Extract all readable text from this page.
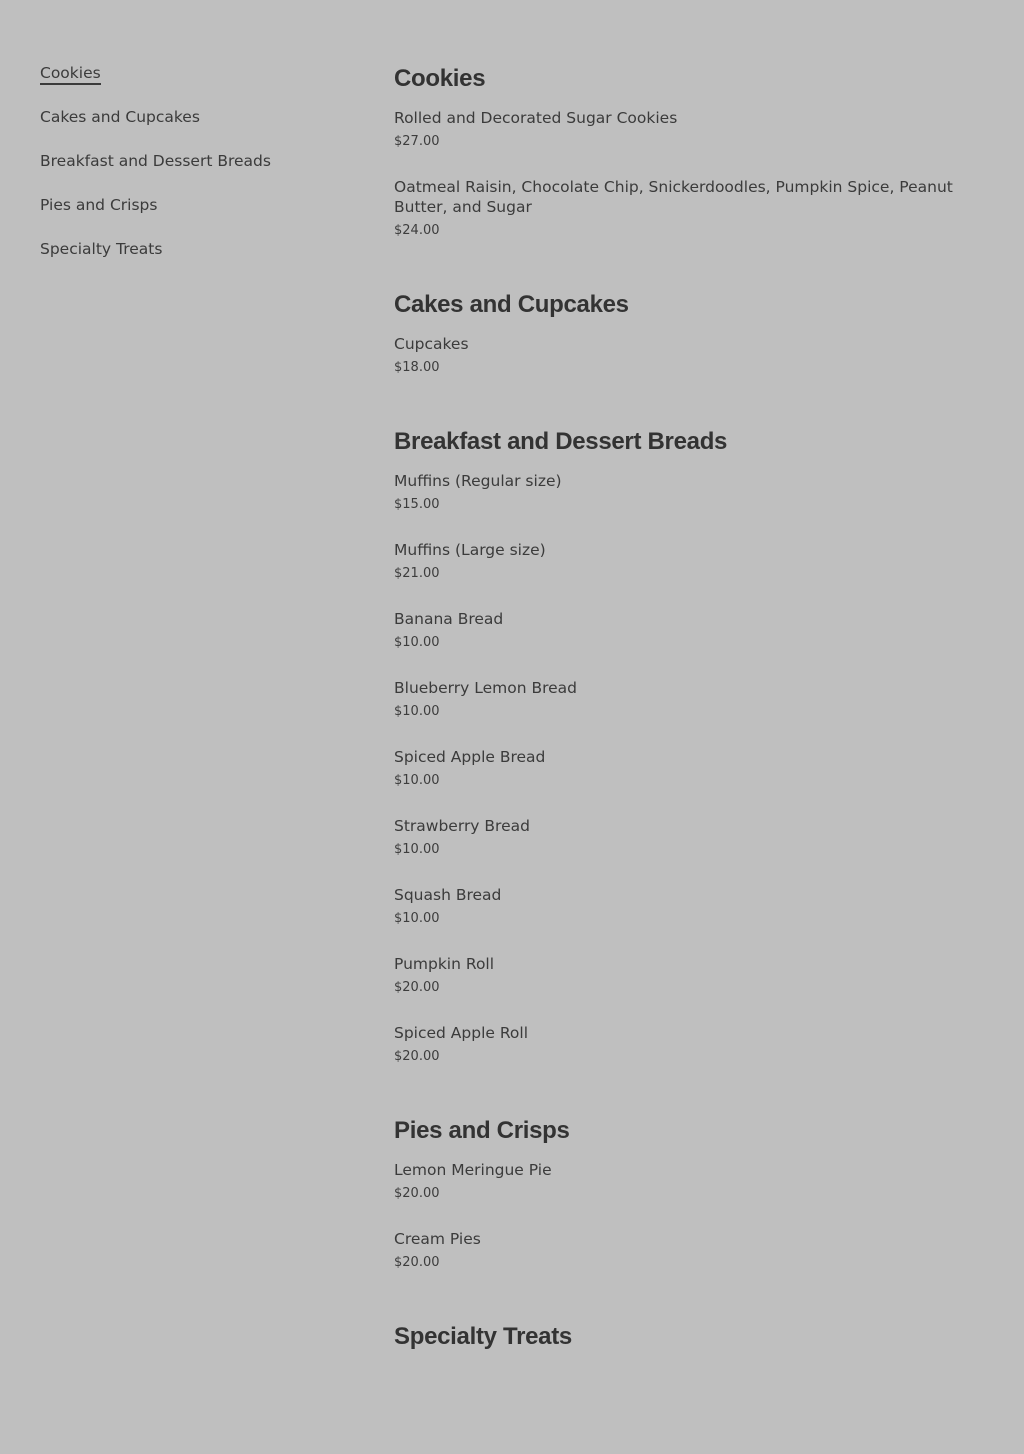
Cookies
Cakes and Cupcakes
Breakfast and Dessert Breads
Pies and Crisps
Specialty Treats
Cookies
Rolled and Decorated Sugar Cookies
$27.00
Oatmeal Raisin, Chocolate Chip, Snickerdoodles, Pumpkin Spice, Peanut Butter, and Sugar
$24.00
Cakes and Cupcakes
Cupcakes
$18.00
Breakfast and Dessert Breads
Muffins (Regular size)
$15.00
Muffins (Large size)
$21.00
Banana Bread
$10.00
Blueberry Lemon Bread
$10.00
Spiced Apple Bread
$10.00
Strawberry Bread
$10.00
Squash Bread
$10.00
Pumpkin Roll
$20.00
Spiced Apple Roll
$20.00
Pies and Crisps
Lemon Meringue Pie
$20.00
Cream Pies
$20.00
Specialty Treats
